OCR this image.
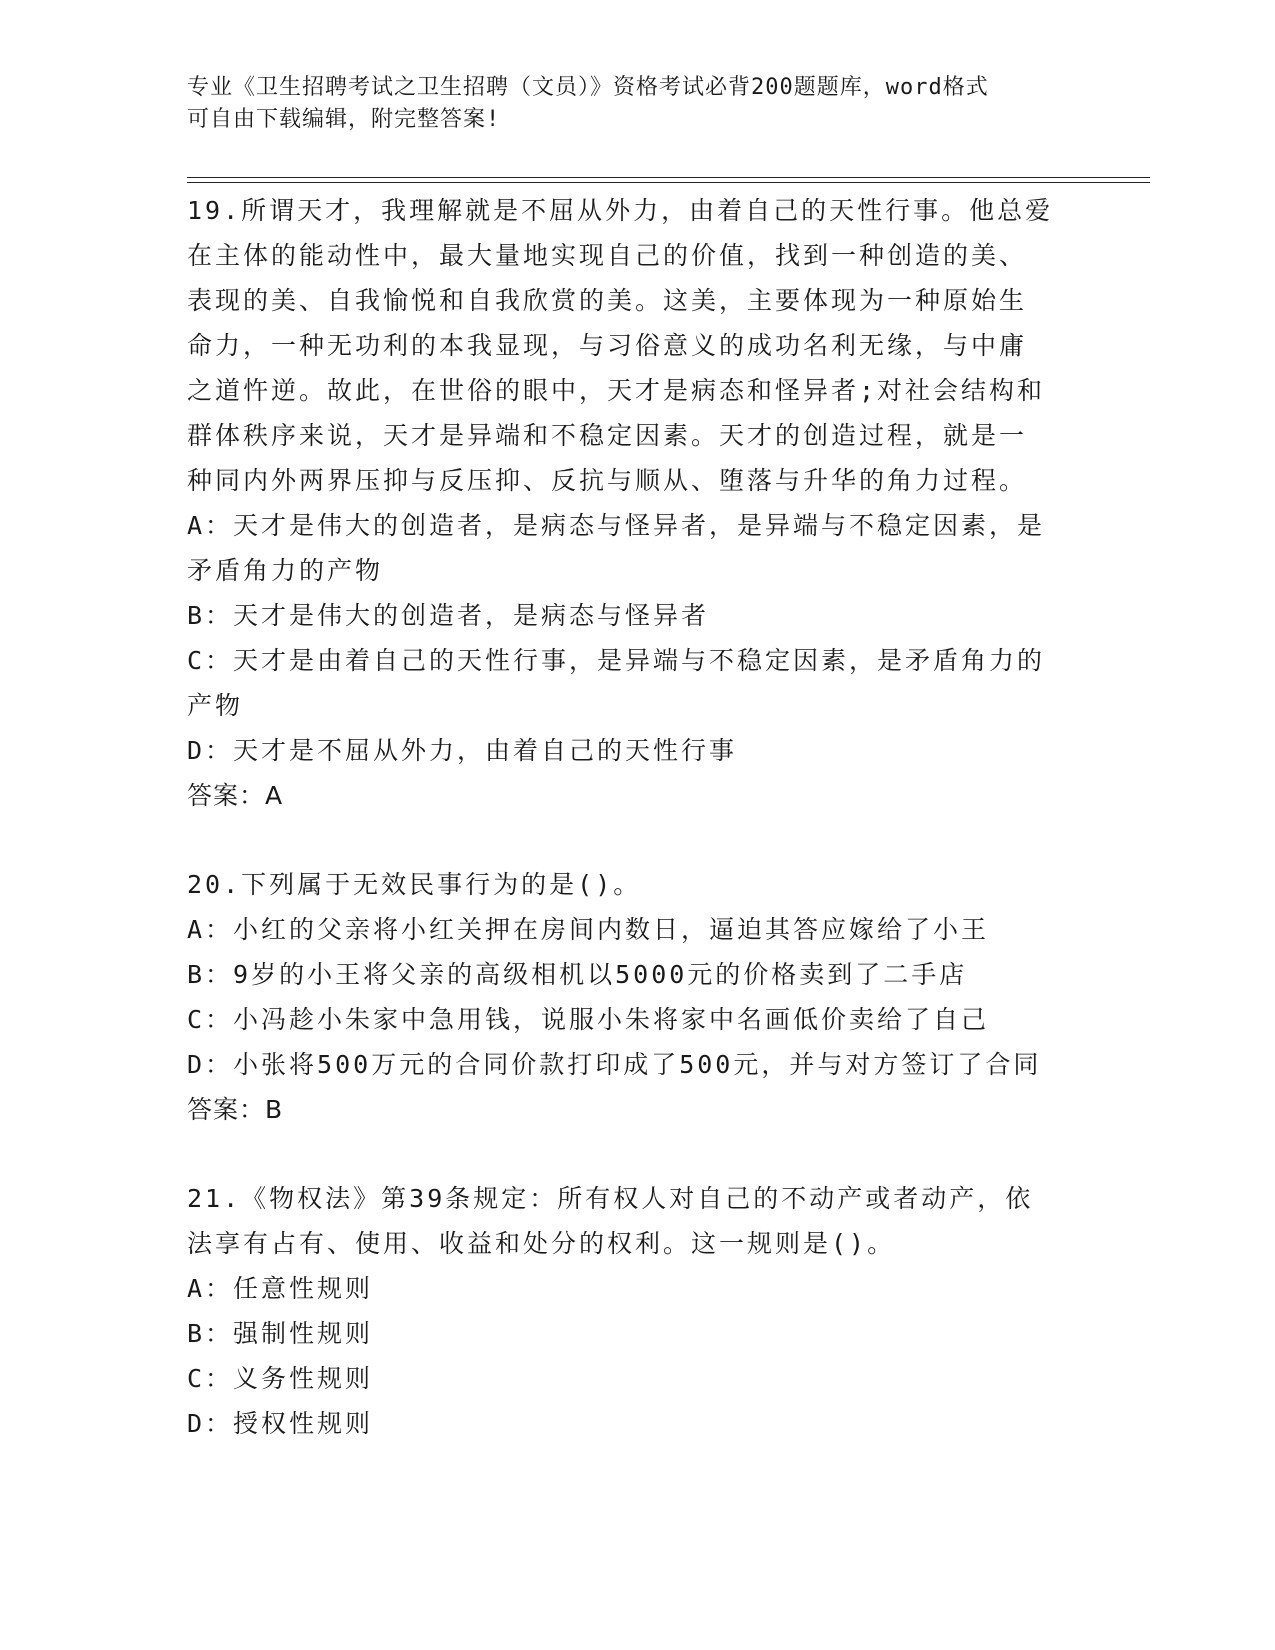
专业《卫生招聘考试之卫生招聘（文员）》资格考试必背200题题库，word格式
可自由下载编辑，附完整答案!

19.所谓天才，我理解就是不屈从外力，由着自己的天性行事。他总爱

在主体的能动性中，最大量地实现自己的价值，找到一种创造的美、

表现的美、自我愉悦和自我欣赏的美。这美，主要体现为一种原始生

命力，一种无功利的本我显现，与习俗意义的成功名利无缘，与中庸

之道忤逆。故此，在世俗的眼中，天才是病态和怪异者;对社会结构和

群体秩序来说，天才是异端和不稳定因素。天才的创造过程，就是一

种同内外两界压抑与反压抑、反抗与顺从、堕落与升华的角力过程。

A：天才是伟大的创造者，是病态与怪异者，是异端与不稳定因素，是

矛盾角力的产物

B：天才是伟大的创造者，是病态与怪异者

C：天才是由着自己的天性行事，是异端与不稳定因素，是矛盾角力的

产物

D：天才是不屈从外力，由着自己的天性行事

答案：A

20.下列属于无效民事行为的是()。

A：小红的父亲将小红关押在房间内数日，逼迫其答应嫁给了小王

B：9岁的小王将父亲的高级相机以5000元的价格卖到了二手店

C：小冯趁小朱家中急用钱，说服小朱将家中名画低价卖给了自己

D：小张将500万元的合同价款打印成了500元，并与对方签订了合同

答案：B

21.《物权法》第39条规定：所有权人对自己的不动产或者动产，依

法享有占有、使用、收益和处分的权利。这一规则是()。

A：任意性规则

B：强制性规则

C：义务性规则

D：授权性规则
